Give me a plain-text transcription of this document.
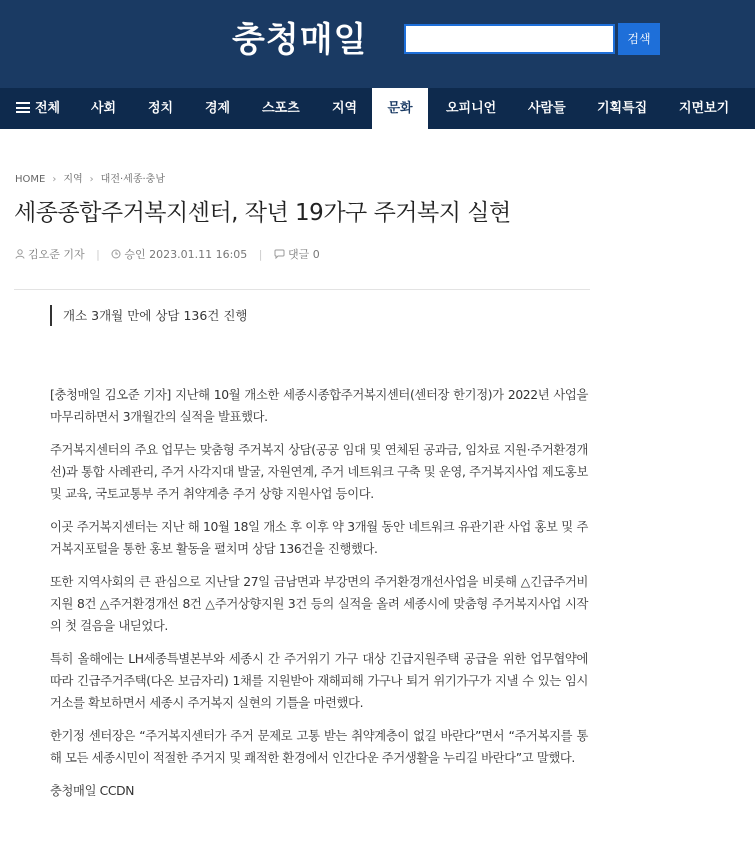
충청매일	검색
전체 사회 정치 경제 스포츠 지역	문화	오피니언 사람들 기획특집 지면보기
HOME › 지역 › 대전·세종·충남
세종종합주거복지센터, 작년 19가구 주거복지 실현
김오준 기자 | 승인 2023.01.11 16:05 | 댓글 0
개소 3개월 만에 상담 136건 진행

[충청매일 김오준 기자] 지난해 10월 개소한 세종시종합주거복지센터(센터장 한기정)가 2022년 사업을 마무리하면서 3개월간의 실적을 발표했다.

주거복지센터의 주요 업무는 맞춤형 주거복지 상담(공공 임대 및 연체된 공과금, 임차료 지원·주거환경개선)과 통합 사례관리, 주거 사각지대 발굴, 자원연계, 주거 네트워크 구축 및 운영, 주거복지사업 제도홍보 및 교육, 국토교통부 주거 취약계층 주거 상향 지원사업 등이다.

이곳 주거복지센터는 지난 해 10월 18일 개소 후 이후 약 3개월 동안 네트워크 유관기관 사업 홍보 및 주거복지포털을 통한 홍보 활동을 펼치며 상담 136건을 진행했다.

또한 지역사회의 큰 관심으로 지난달 27일 금남면과 부강면의 주거환경개선사업을 비롯해 △긴급주거비지원 8건 △주거환경개선 8건 △주거상향지원 3건 등의 실적을 올려 세종시에 맞춤형 주거복지사업 시작의 첫 걸음을 내딛었다.

특히 올해에는 LH세종특별본부와 세종시 간 주거위기 가구 대상 긴급지원주택 공급을 위한 업무협약에 따라 긴급주거주택(다온 보금자리) 1채를 지원받아 재해피해 가구나 퇴거 위기가구가 지낼 수 있는 임시거소를 확보하면서 세종시 주거복지 실현의 기틀을 마련했다.

한기정 센터장은 “주거복지센터가 주거 문제로 고통 받는 취약계층이 없길 바란다”면서 “주거복지를 통해 모든 세종시민이 적절한 주거지 및 쾌적한 환경에서 인간다운 주거생활을 누리길 바란다”고 말했다.

충청매일 CCDN
